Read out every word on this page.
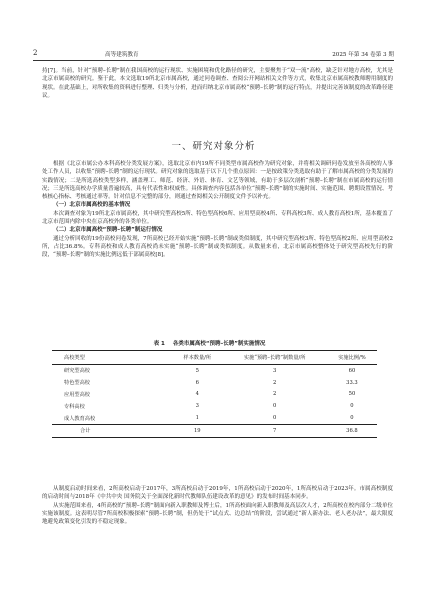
2	高等建筑教育	2025 年第 34 卷第 3 期

持[7]。当前，针对“预聘–长聘”制在我国高校的运行现状、实施困境和优化路径的研究，主要聚焦于“双一流”高校，缺乏针对地方高校，尤其是北京市属高校的研究。鉴于此，本文选取19所北京市属高校，通过问卷调查、查阅公开网站相关文件等方式，收集北京市属高校教师聘用制度的现状。在此基础上，对所收集的资料进行整理、归类与分析，进而归纳北京市属高校“预聘–长聘”制的运行特点，并提出完善该制度的改革路径建议。

一、研究对象分析

根据《北京市属公办本科高校分类发展方案》，选取北京市内19所不同类型市属高校作为研究对象，并将相关调研问卷发放至各高校的人事处工作人员，以收集“预聘–长聘”制的运行现状。研究对象的选取基于以下几个重点原因：一是按政策分类选取有助于了解市属高校的分类发展的实践情况；二是所选高校类型多样，涵盖理工、师范、经济、外语、体育、文艺等领域，有助于多层次剖析“预聘–长聘”制在市属高校的运行情况；三是所选高校办学质量普遍较高，具有代表性和权威性。具体调查内容包括各单位“预聘–长聘”制的实施时间、实施范围、聘期设置情况、考核核心指标、考核通过率等。针对信息不完整的部分，则通过查阅相关公开制度文件予以补充。

（一）北京市属高校的基本情况

本次调查对象为19所北京市属高校，其中研究型高校5所、特色型高校6所、应用型高校4所、专科高校3所、成人教育高校1所，基本覆盖了北京市范围内除中央在京高校外的各类单位。

（二）北京市属高校“预聘–长聘”制运行情况

通过分析回收的19份高校问卷发现，7所高校已经开始实施“预聘–长聘”制或类似制度，其中研究型高校3所、特色型高校2所、应用型高校2所，占比36.8%。专科高校和成人教育高校尚未实施“预聘–长聘”制或类似制度。从数量来看，北京市属高校整体处于研究型高校先行的阶段，“预聘–长聘”制的实施比例远低于部属高校[8]。

表 1 各类市属高校“预聘–长聘”制实施情况
高校类型	样本数量/所	实施“预聘–长聘”制数量/所	实施比例/%
研究型高校	5	3	60
特色型高校	6	2	33.3
应用型高校	4	2	50
专科高校	3	0	0
成人教育高校	1	0	0
合计	19	7	36.8

从制度启动时间来看，2所高校启动于2017年，3所高校启动于2019年，1所高校启动于2020年，1所高校启动于2023年。市属高校制度的启动时间与2018年《中共中央 国务院关于全面深化新时代教师队伍建设改革的意见》的发布时间基本同步。

从实施范围来看，4所高校的“预聘–长聘”制面向新入职教师及博士后，1所高校面向新入职教师及高层次人才，2所高校在校内部分二级单位实施该制度。这表明尽管7所高校积极探索“预聘–长聘”制，但仍处于“试点式、边总结”的阶段，尝试通过“新人新办法、老人老办法”，最大限度地避免政策变化引发的不稳定现象。
